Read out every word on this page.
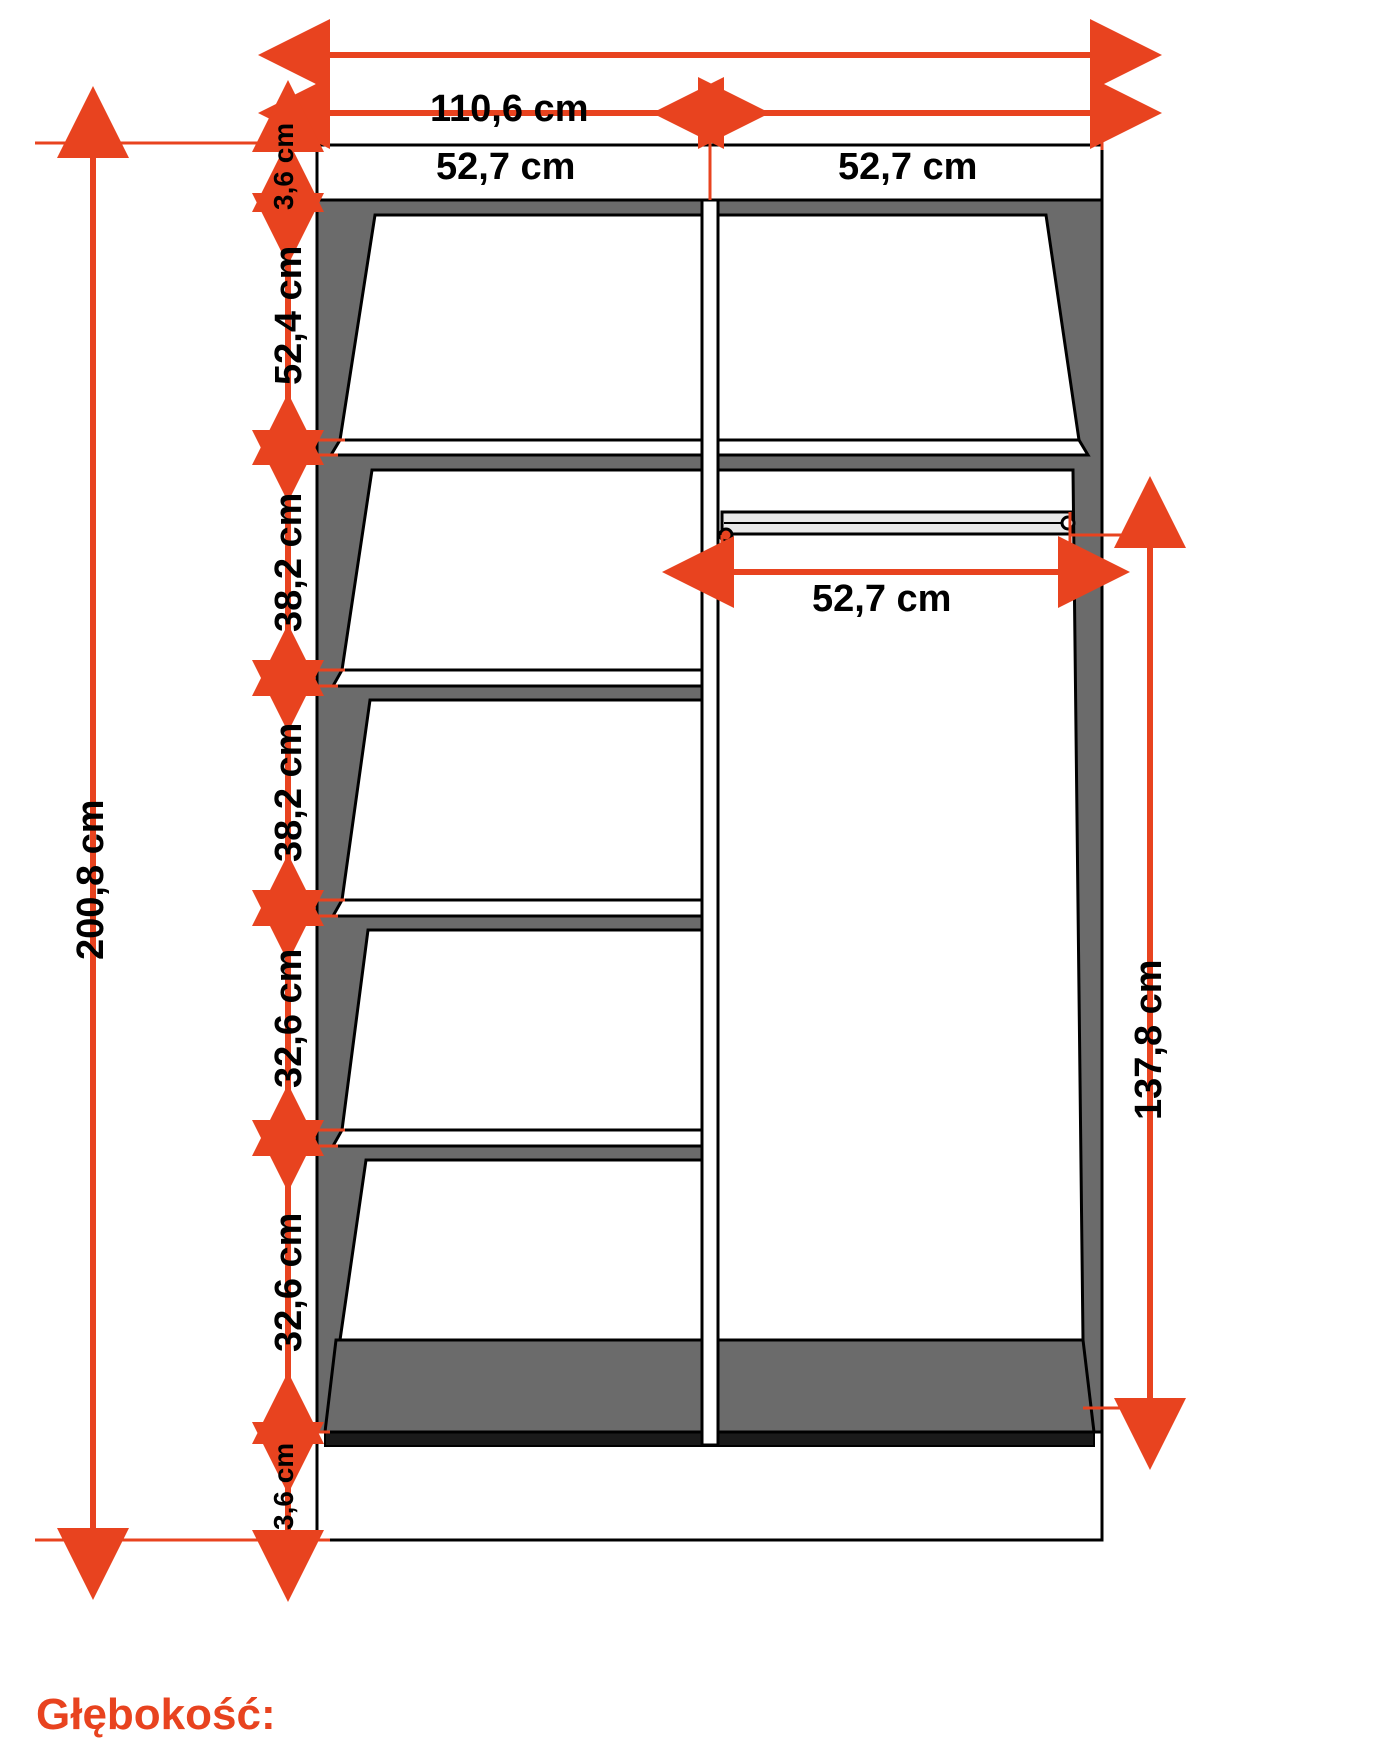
110,6 cm
52,7 cm	52,7 cm
52,7 cm
200,8 cm
137,8 cm
3,6 cm
52,4 cm
38,2 cm
38,2 cm
32,6 cm
32,6 cm
3,6 cm
Głębokość:
